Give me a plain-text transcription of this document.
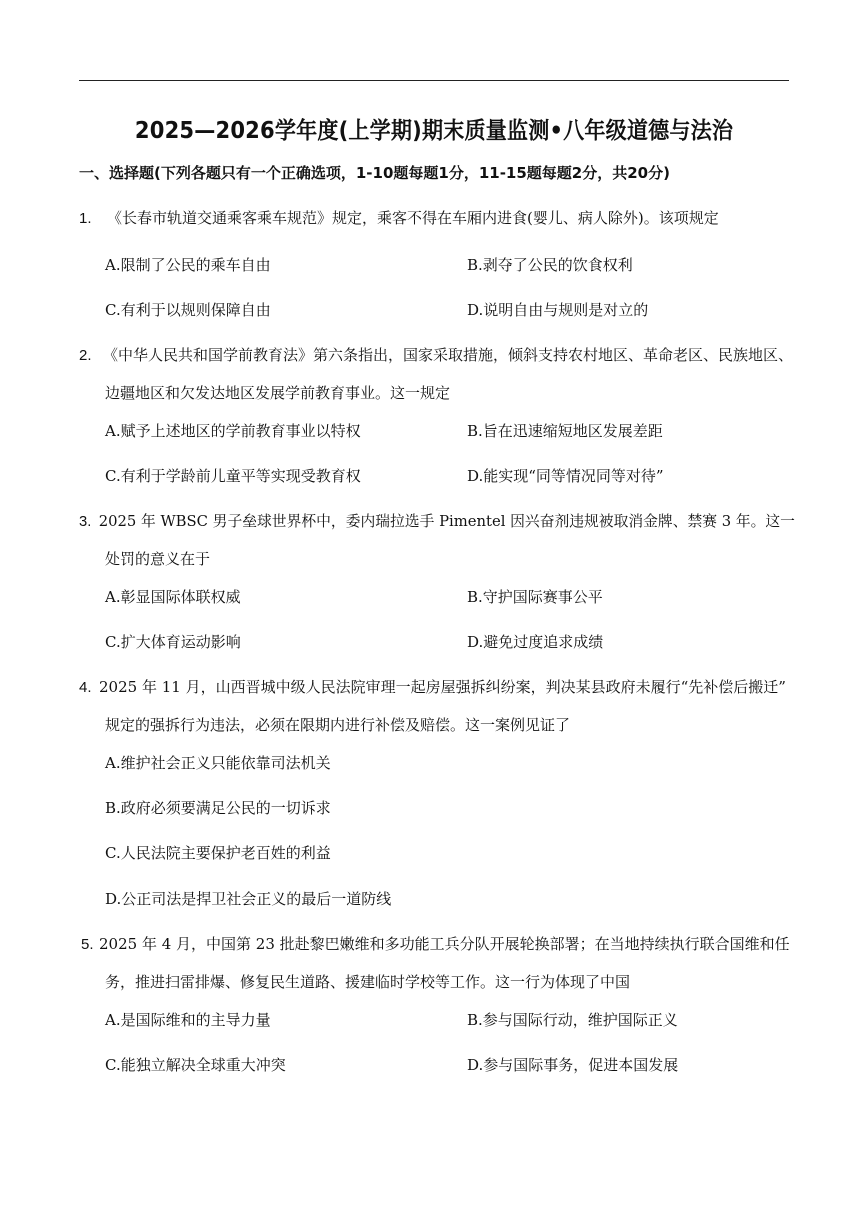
2025—2026学年度(上学期)期末质量监测•八年级道德与法治
一、选择题(下列各题只有一个正确选项，1-10题每题1分，11-15题每题2分，共20分)
1. 《长春市轨道交通乘客乘车规范》规定，乘客不得在车厢内进食(婴儿、病人除外)。该项规定
A.限制了公民的乘车自由	B.剥夺了公民的饮食权利
C.有利于以规则保障自由	D.说明自由与规则是对立的
2. 《中华人民共和国学前教育法》第六条指出，国家采取措施，倾斜支持农村地区、革命老区、民族地区、
边疆地区和欠发达地区发展学前教育事业。这一规定
A.赋予上述地区的学前教育事业以特权	B.旨在迅速缩短地区发展差距
C.有利于学龄前儿童平等实现受教育权	D.能实现“同等情况同等对待”
3. 2025 年 WBSC 男子垒球世界杯中，委内瑞拉选手 Pimentel 因兴奋剂违规被取消金牌、禁赛 3 年。这一
处罚的意义在于
A.彰显国际体联权威	B.守护国际赛事公平
C.扩大体育运动影响	D.避免过度追求成绩
4. 2025 年 11 月，山西晋城中级人民法院审理一起房屋强拆纠纷案，判决某县政府未履行“先补偿后搬迁”
规定的强拆行为违法，必须在限期内进行补偿及赔偿。这一案例见证了
A.维护社会正义只能依靠司法机关
B.政府必须要满足公民的一切诉求
C.人民法院主要保护老百姓的利益
D.公正司法是捍卫社会正义的最后一道防线
5. 2025 年 4 月，中国第 23 批赴黎巴嫩维和多功能工兵分队开展轮换部署；在当地持续执行联合国维和任
务，推进扫雷排爆、修复民生道路、援建临时学校等工作。这一行为体现了中国
A.是国际维和的主导力量	B.参与国际行动，维护国际正义
C.能独立解决全球重大冲突	D.参与国际事务，促进本国发展
